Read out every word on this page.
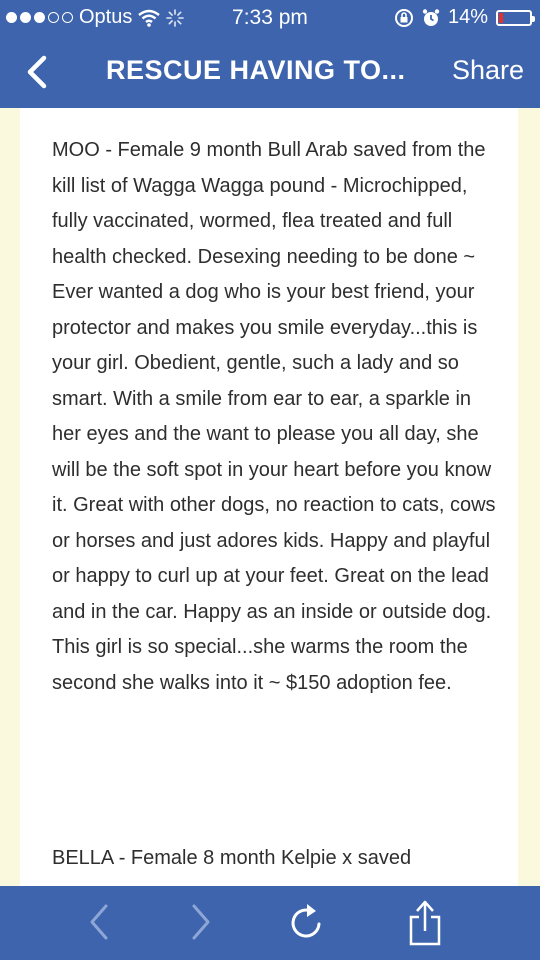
Optus	7:33 pm	14%
RESCUE HAVING TO... Share

MOO - Female 9 month Bull Arab saved from the kill list of Wagga Wagga pound - Microchipped, fully vaccinated, wormed, flea treated and full health checked. Desexing needing to be done ~ Ever wanted a dog who is your best friend, your protector and makes you smile everyday...this is your girl. Obedient, gentle, such a lady and so smart. With a smile from ear to ear, a sparkle in her eyes and the want to please you all day, she will be the soft spot in your heart before you know it. Great with other dogs, no reaction to cats, cows or horses and just adores kids. Happy and playful or happy to curl up at your feet. Great on the lead and in the car. Happy as an inside or outside dog. This girl is so special...she warms the room the second she walks into it ~ $150 adoption fee.

BELLA - Female 8 month Kelpie x saved
